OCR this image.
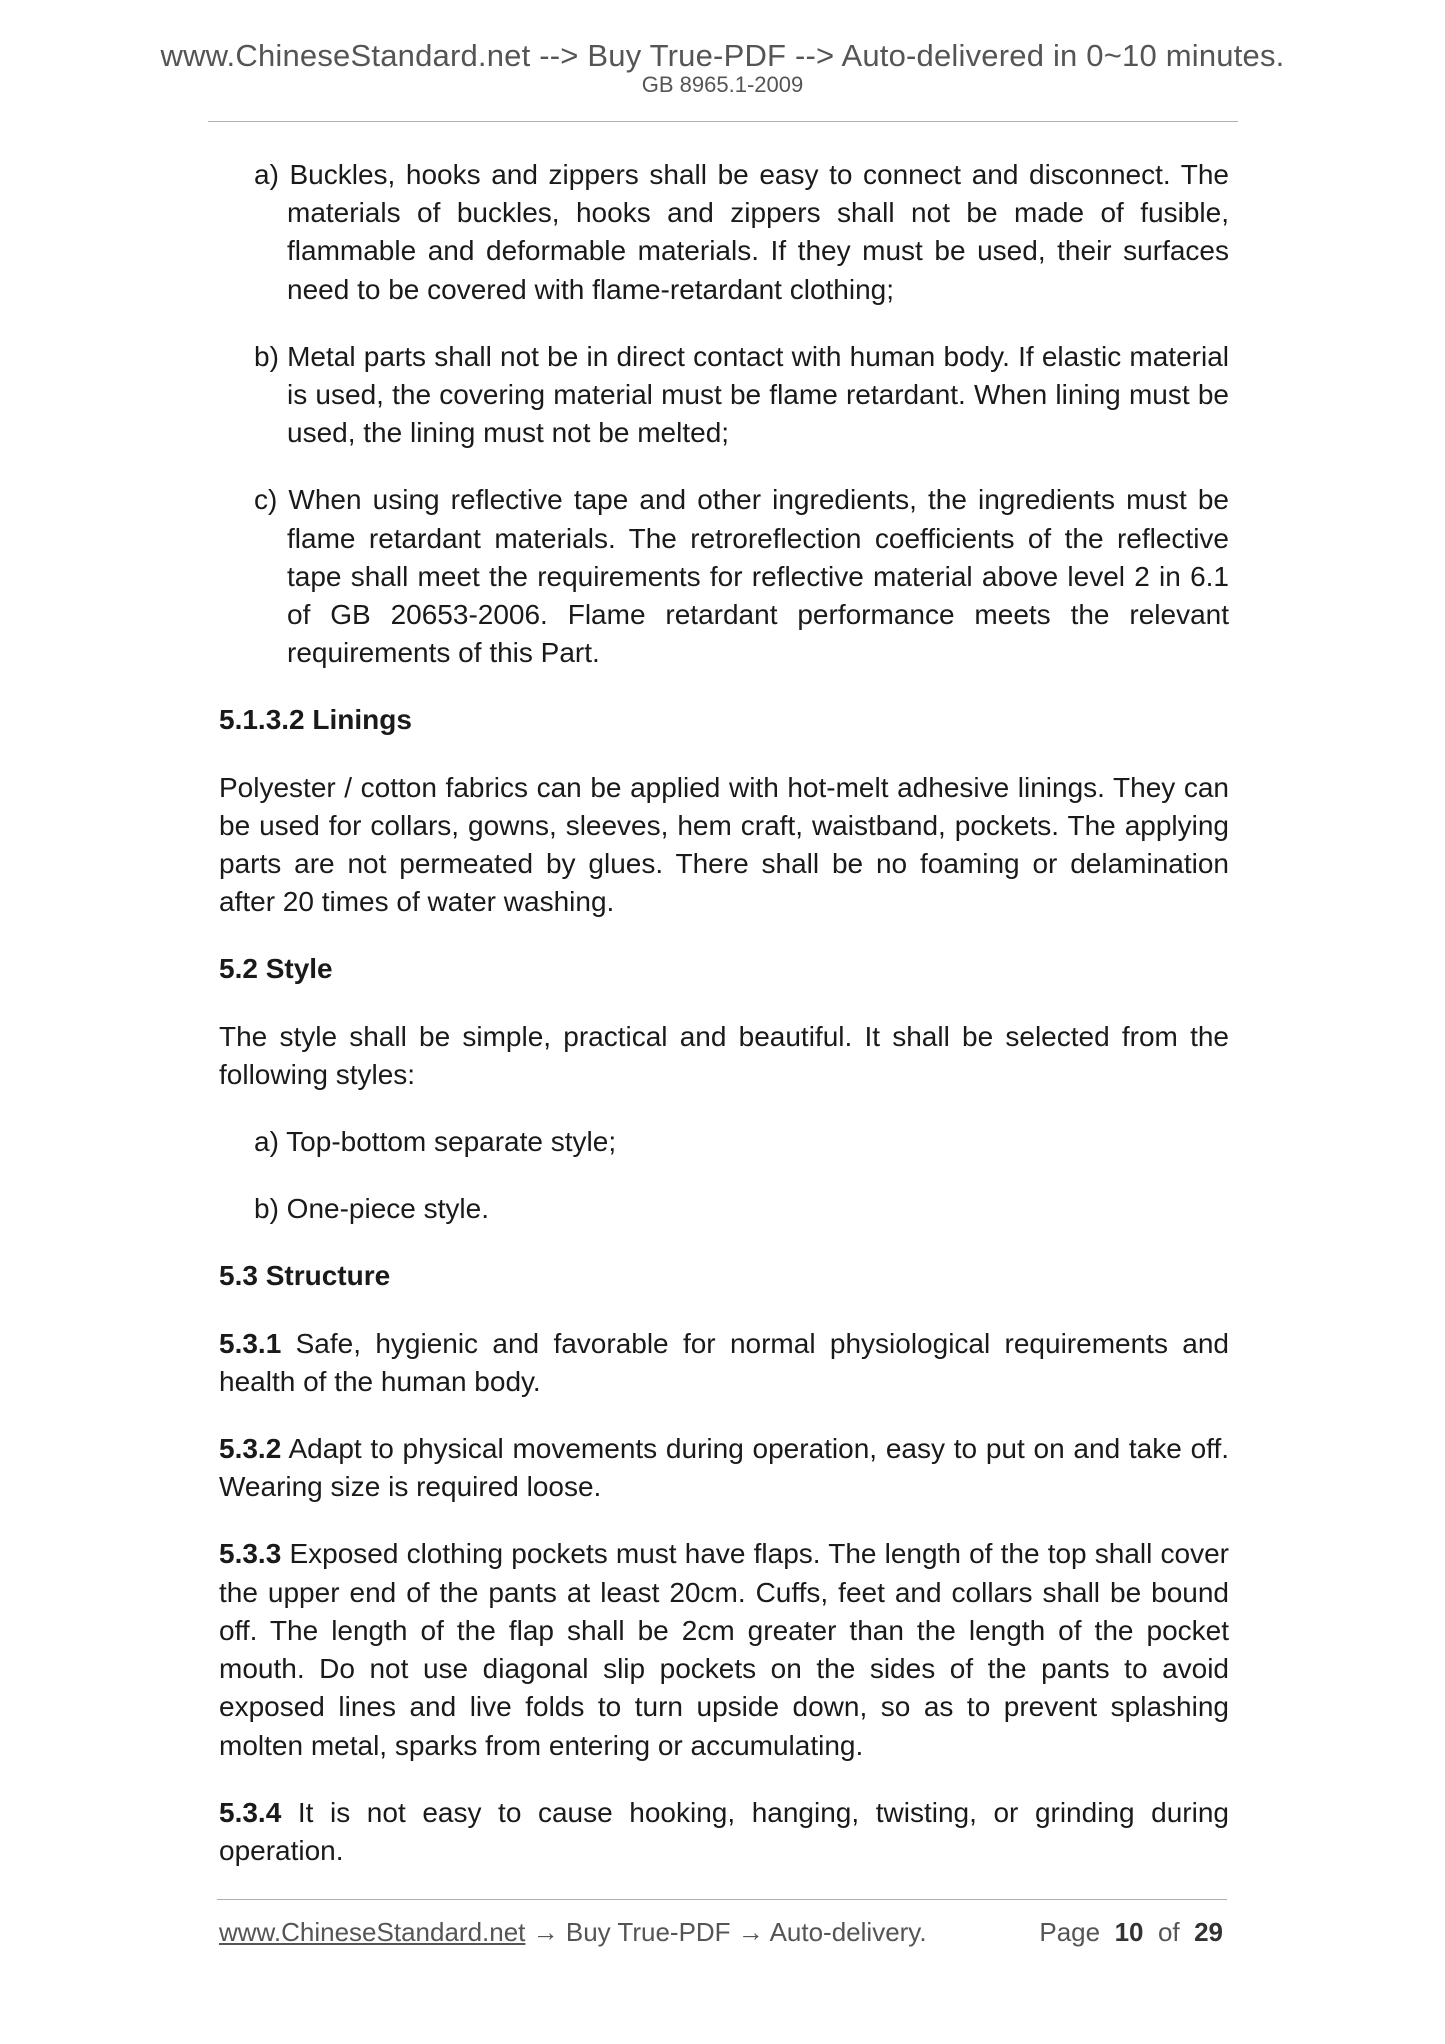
www.ChineseStandard.net --> Buy True-PDF --> Auto-delivered in 0~10 minutes.
GB 8965.1-2009
a) Buckles, hooks and zippers shall be easy to connect and disconnect. The materials of buckles, hooks and zippers shall not be made of fusible, flammable and deformable materials. If they must be used, their surfaces need to be covered with flame-retardant clothing;
b) Metal parts shall not be in direct contact with human body. If elastic material is used, the covering material must be flame retardant. When lining must be used, the lining must not be melted;
c) When using reflective tape and other ingredients, the ingredients must be flame retardant materials. The retroreflection coefficients of the reflective tape shall meet the requirements for reflective material above level 2 in 6.1 of GB 20653-2006. Flame retardant performance meets the relevant requirements of this Part.
5.1.3.2 Linings

Polyester / cotton fabrics can be applied with hot-melt adhesive linings. They can be used for collars, gowns, sleeves, hem craft, waistband, pockets. The applying parts are not permeated by glues. There shall be no foaming or delamination after 20 times of water washing.

5.2 Style

The style shall be simple, practical and beautiful. It shall be selected from the following styles:

a) Top-bottom separate style;
b) One-piece style.
5.3 Structure

5.3.1 Safe, hygienic and favorable for normal physiological requirements and health of the human body.

5.3.2 Adapt to physical movements during operation, easy to put on and take off. Wearing size is required loose.

5.3.3 Exposed clothing pockets must have flaps. The length of the top shall cover the upper end of the pants at least 20cm. Cuffs, feet and collars shall be bound off. The length of the flap shall be 2cm greater than the length of the pocket mouth. Do not use diagonal slip pockets on the sides of the pants to avoid exposed lines and live folds to turn upside down, so as to prevent splashing molten metal, sparks from entering or accumulating.

5.3.4 It is not easy to cause hooking, hanging, twisting, or grinding during operation.

www.ChineseStandard.net → Buy True-PDF → Auto-delivery.	Page 10 of 29
